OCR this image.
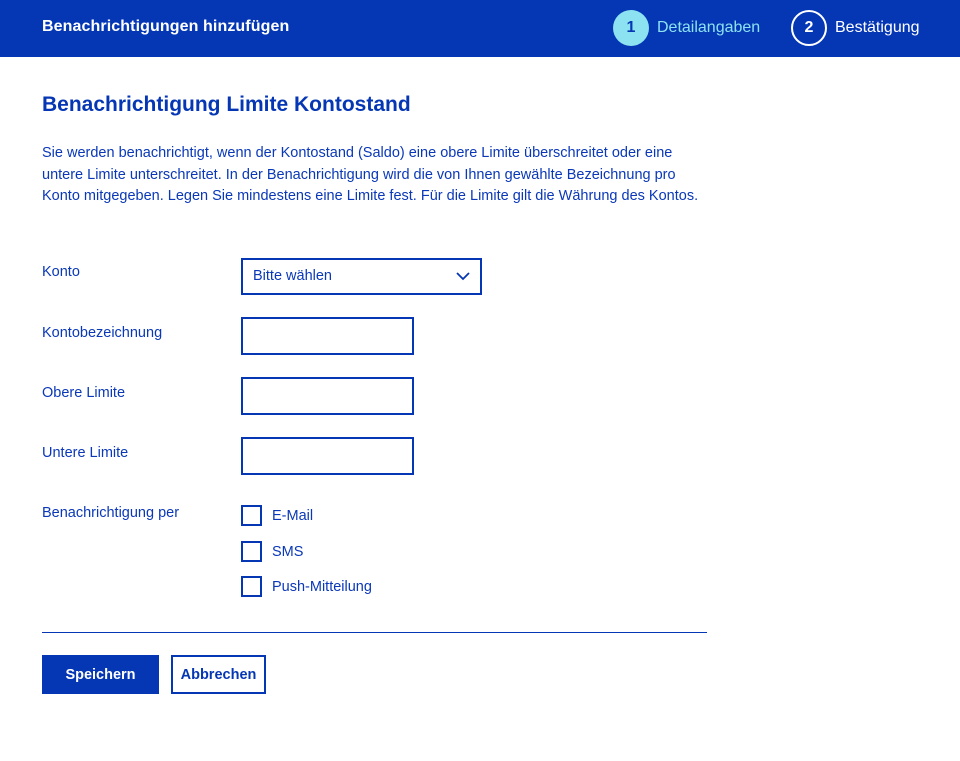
Benachrichtigungen hinzufügen	1	Detailangaben	2	Bestätigung
Benachrichtigung Limite Kontostand

Sie werden benachrichtigt, wenn der Kontostand (Saldo) eine obere Limite überschreitet oder eine untere Limite unterschreitet. In der Benachrichtigung wird die von Ihnen gewählte Bezeichnung pro Konto mitgegeben. Legen Sie mindestens eine Limite fest. Für die Limite gilt die Währung des Kontos.

Konto	Bitte wählen
Kontobezeichnung
Obere Limite
Untere Limite
Benachrichtigung per	E-Mail
SMS
Push-Mitteilung
Speichern	Abbrechen
